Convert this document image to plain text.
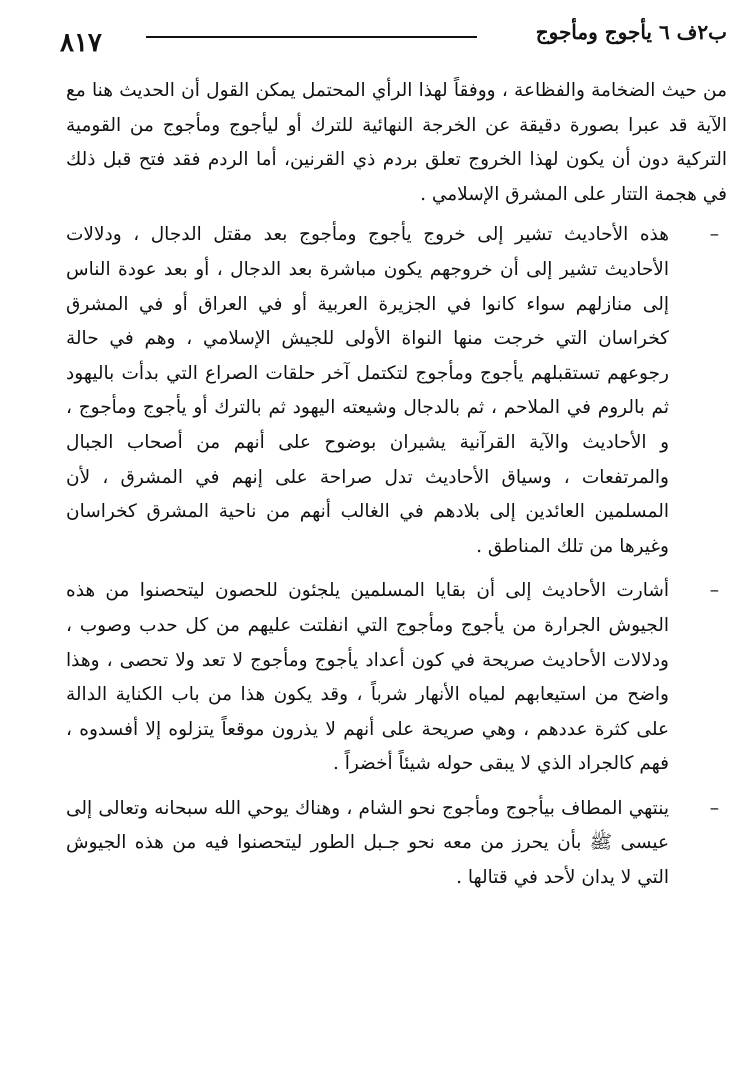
ب٢ف ٦ يأجوج ومأجوج
٨١٧

من حيث الضخامة والفظاعة ، ووفقاً لهذا الرأي المحتمل يمكن القول أن الحديث هنا مع الآية قد عبرا بصورة دقيقة عن الخرجة النهائية للترك أو ليأجوج ومأجوج من القومية التركية دون أن يكون لهذا الخروج تعلق بردم ذي القرنين، أما الردم فقد فتح قبل ذلك في هجمة التتار على المشرق الإسلامي .

–

هذه الأحاديث تشير إلى خروج يأجوج ومأجوج بعد مقتل الدجال ، ودلالات الأحاديث تشير إلى أن خروجهم يكون مباشرة بعد الدجال ، أو بعد عودة الناس إلى منازلهم سواء كانوا في الجزيرة العربية أو في العراق أو في المشرق كخراسان التي خرجت منها النواة الأولى للجيش الإسلامي ، وهم في حالة رجوعهم تستقبلهم يأجوج ومأجوج لتكتمل آخر حلقات الصراع التي بدأت باليهود ثم بالروم في الملاحم ، ثم بالدجال وشيعته اليهود ثم بالترك أو يأجوج ومأجوج ، و الأحاديث والآية القرآنية يشيران بوضوح على أنهم من أصحاب الجبال والمرتفعات ، وسياق الأحاديث تدل صراحة على إنهم في المشرق ، لأن المسلمين العائدين إلى بلادهم في الغالب أنهم من ناحية المشرق كخراسان وغيرها من تلك المناطق .

–

أشارت الأحاديث إلى أن بقايا المسلمين يلجئون للحصون ليتحصنوا من هذه الجيوش الجرارة من يأجوج ومأجوج التي انفلتت عليهم من كل حدب وصوب ، ودلالات الأحاديث صريحة في كون أعداد يأجوج ومأجوج لا تعد ولا تحصى ، وهذا واضح من استيعابهم لمياه الأنهار شرباً ، وقد يكون هذا من باب الكناية الدالة على كثرة عددهم ، وهي صريحة على أنهم لا يذرون موقعاً يتزلوه إلا أفسدوه ، فهم كالجراد الذي لا يبقى حوله شيئاً أخضراً .

–

ينتهي المطاف بيأجوج ومأجوج نحو الشام ، وهناك يوحي الله سبحانه وتعالى إلى عيسى ﷺ بأن يحرز من معه نحو جـبل الطور ليتحصنوا فيه من هذه الجيوش التي لا يدان لأحد في قتالها .
